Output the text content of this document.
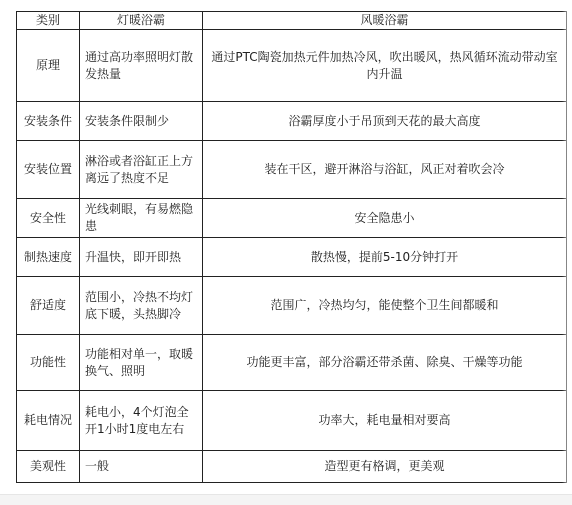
类别	灯暖浴霸	风暖浴霸
原理	通过高功率照明灯散发热量	通过PTC陶瓷加热元件加热冷风，吹出暖风，热风循环流动带动室内升温
安装条件	安装条件限制少	浴霸厚度小于吊顶到天花的最大高度
安装位置	淋浴或者浴缸正上方离远了热度不足	装在干区，避开淋浴与浴缸，风正对着吹会冷
安全性	光线刺眼，有易燃隐患	安全隐患小
制热速度	升温快，即开即热	散热慢，提前5-10分钟打开
舒适度	范围小，冷热不均灯底下暖，头热脚冷	范围广，冷热均匀，能使整个卫生间都暖和
功能性	功能相对单一，取暖换气、照明	功能更丰富，部分浴霸还带杀菌、除臭、干燥等功能
耗电情况	耗电小，4个灯泡全开1小时1度电左右	功率大，耗电量相对要高
美观性	一般	造型更有格调，更美观
